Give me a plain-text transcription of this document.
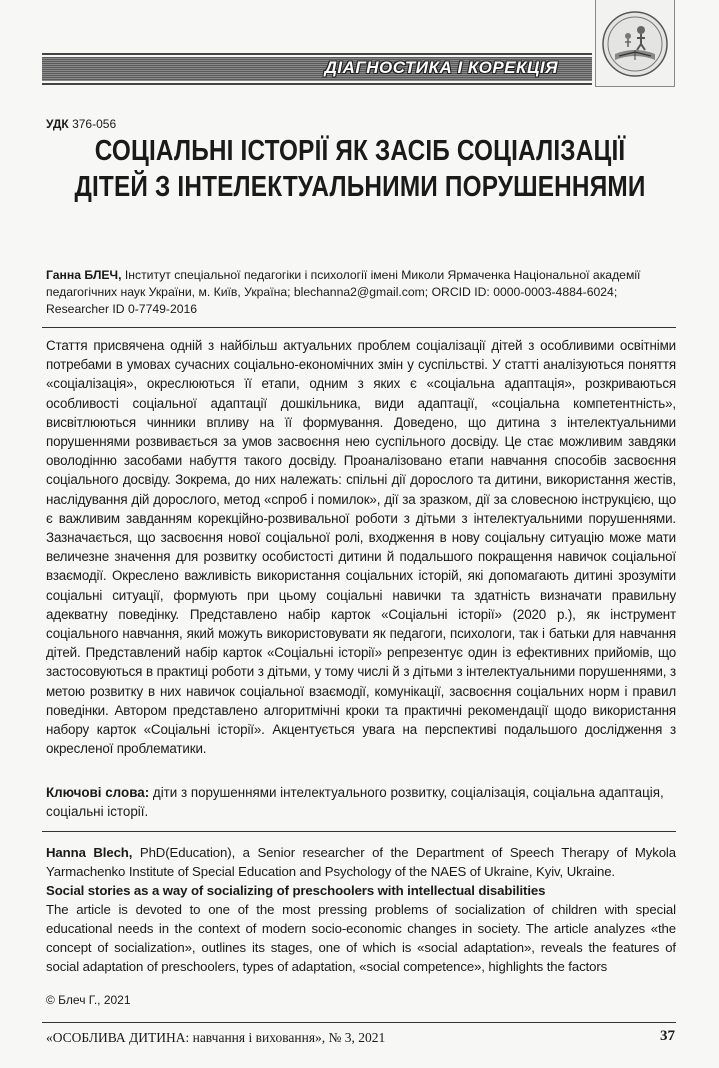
ДІАГНОСТИКА І КОРЕКЦІЯ
УДК 376-056
СОЦІАЛЬНІ ІСТОРІЇ ЯК ЗАСІБ СОЦІАЛІЗАЦІЇ ДІТЕЙ З ІНТЕЛЕКТУАЛЬНИМИ ПОРУШЕННЯМИ
Ганна БЛЕЧ, Інститут спеціальної педагогіки і психології імені Миколи Ярмаченка Національної академії педагогічних наук України, м. Київ, Україна; blechanna2@gmail.com; ORCID ID: 0000-0003-4884-6024; Researcher ID 0-7749-2016
Стаття присвячена одній з найбільш актуальних проблем соціалізації дітей з особливими освітніми потребами в умовах сучасних соціально-економічних змін у суспільстві. У статті аналізуються поняття «соціалізація», окреслюються її етапи, одним з яких є «соціальна адаптація», розкриваються особливості соціальної адаптації дошкільника, види адаптації, «соціальна компетентність», висвітлюються чинники впливу на її формування. Доведено, що дитина з інтелектуальними порушеннями розвивається за умов засвоєння нею суспільного досвіду. Це стає можливим завдяки оволодінню засобами набуття такого досвіду. Проаналізовано етапи навчання способів засвоєння соціального досвіду. Зокрема, до них належать: спільні дії дорослого та дитини, використання жестів, наслідування дій дорослого, метод «спроб і помилок», дії за зразком, дії за словесною інструкцією, що є важливим завданням корекційно-розвивальної роботи з дітьми з інтелектуальними порушеннями. Зазначається, що засвоєння нової соціальної ролі, входження в нову соціальну ситуацію може мати величезне значення для розвитку особистості дитини й подальшого покращення навичок соціальної взаємодії. Окреслено важливість використання соціальних історій, які допомагають дитині зрозуміти соціальні ситуації, формують при цьому соціальні навички та здатність визначати правильну адекватну поведінку. Представлено набір карток «Соціальні історії» (2020 р.), як інструмент соціального навчання, який можуть використовувати як педагоги, психологи, так і батьки для навчання дітей. Представлений набір карток «Соціальні історії» репрезентує один із ефективних прийомів, що застосовуються в практиці роботи з дітьми, у тому числі й з дітьми з інтелектуальними порушеннями, з метою розвитку в них навичок соціальної взаємодії, комунікації, засвоєння соціальних норм і правил поведінки. Автором представлено алгоритмічні кроки та практичні рекомендації щодо використання набору карток «Соціальні історії». Акцентується увага на перспективі подальшого дослідження з окресленої проблематики.
Ключові слова: діти з порушеннями інтелектуального розвитку, соціалізація, соціальна адаптація, соціальні історії.
Hanna Blech, PhD(Education), a Senior researcher of the Department of Speech Therapy of Mykola Yarmachenko Institute of Special Education and Psychology of the NAES of Ukraine, Kyiv, Ukraine.
Social stories as a way of socializing of preschoolers with intellectual disabilities
The article is devoted to one of the most pressing problems of socialization of children with special educational needs in the context of modern socio-economic changes in society. The article analyzes «the concept of socialization», outlines its stages, one of which is «social adaptation», reveals the features of social adaptation of preschoolers, types of adaptation, «social competence», highlights the factors
© Блеч Г., 2021
«ОСОБЛИВА ДИТИНА: навчання і виховання», № 3, 2021	37
